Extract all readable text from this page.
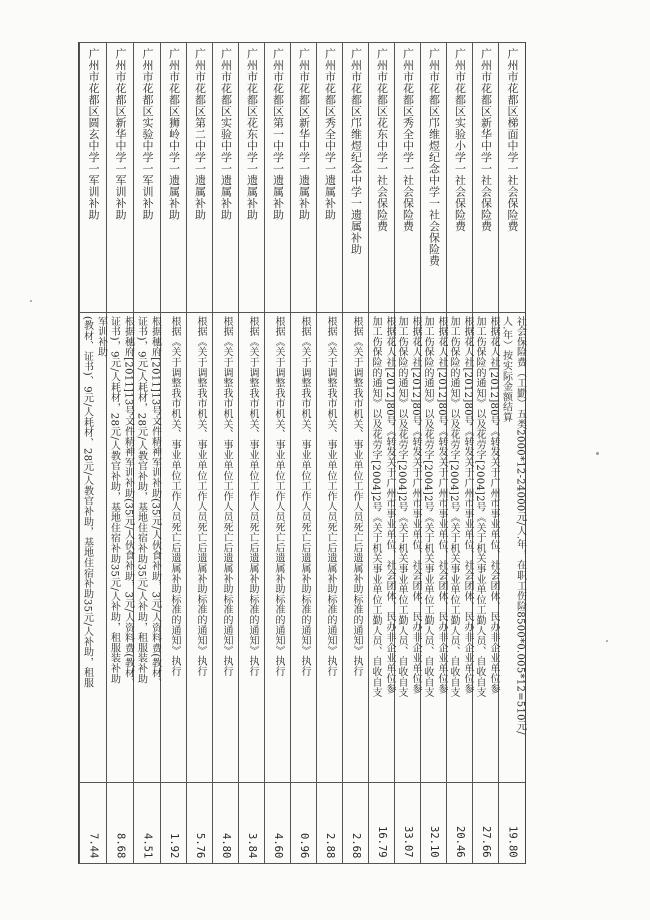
广州市花都区梯面中学一社会保险费
社会保险费（工勤）五类2000*12-24000元/人.年，在职工伤险8500*0.005*12=510元/
人.年）按实际金额结算
19.80
广州市花都区新华中学一社会保险费
根据花人社[2012]80号《转发关于广州市事业单位、社会团体、民办非企业单位参
加工伤保险的通知》以及花劳字[2004]2号《关于机关事业单位工勤人员、自收自支
27.66
广州市花都区实验小学一社会保险费
根据花人社[2012]80号《转发关于广州市事业单位、社会团体、民办非企业单位参
加工伤保险的通知》以及花劳字[2004]2号《关于机关事业单位工勤人员、自收自支
20.46
广州市花都区邝维煜纪念中学一社会保险费
根据花人社[2012]80号《转发关于广州市事业单位、社会团体、民办非企业单位参
加工伤保险的通知》以及花劳字[2004]2号《关于机关事业单位工勤人员、自收自支
32.10
广州市花都区秀全中学一社会保险费
根据花人社[2012]80号《转发关于广州市事业单位、社会团体、民办非企业单位参
加工伤保险的通知》以及花劳字[2004]2号《关于机关事业单位工勤人员、自收自支
33.07
广州市花都区花东中学一社会保险费
根据花人社[2012]80号《转发关于广州市事业单位、社会团体、民办非企业单位参
加工伤保险的通知》以及花劳字[2004]2号《关于机关事业单位工勤人员、自收自支
16.79
广州市花都区邝维煜纪念中学一遗属补助
根据《关于调整我市机关、事业单位工作人员死亡后遗属补助标准的通知》执行
2.68
广州市花都区秀全中学一遗属补助
根据《关于调整我市机关、事业单位工作人员死亡后遗属补助标准的通知》执行
2.88
广州市花都区新华中学一遗属补助
根据《关于调整我市机关、事业单位工作人员死亡后遗属补助标准的通知》执行
0.96
广州市花都区第一中学一遗属补助
根据《关于调整我市机关、事业单位工作人员死亡后遗属补助标准的通知》执行
4.60
广州市花都区花东中学一遗属补助
根据《关于调整我市机关、事业单位工作人员死亡后遗属补助标准的通知》执行
3.84
广州市花都区实验中学一遗属补助
根据《关于调整我市机关、事业单位工作人员死亡后遗属补助标准的通知》执行
4.80
广州市花都区第二中学一遗属补助
根据《关于调整我市机关、事业单位工作人员死亡后遗属补助标准的通知》执行
5.76
广州市花都区狮岭中学一遗属补助
根据《关于调整我市机关、事业单位工作人员死亡后遗属补助标准的通知》执行
1.92
广州市花都区实验中学一军训补助
根据穗府[2011]13号文件精神军训补助(35元/人伙食补助，3元/人资料费(教材、
证书)，9元/人耗材，28元/人教官补助，基地住宿补助35元/人补助，租服装补助
4.51
广州市花都区新华中学一军训补助
根据穗府[2011]13号文件精神军训补助(35元/人伙食补助，3元/人资料费(教材、
证书)，9元/人耗材，28元/人教官补助，基地住宿补助35元/人补助，租服装补助
8.68
广州市花都区圆玄中学一军训补助
军训补助
(教材、证书)、9元/人耗材、28元/人教官补助，基地住宿补助35元/人补助，租服
7.44
